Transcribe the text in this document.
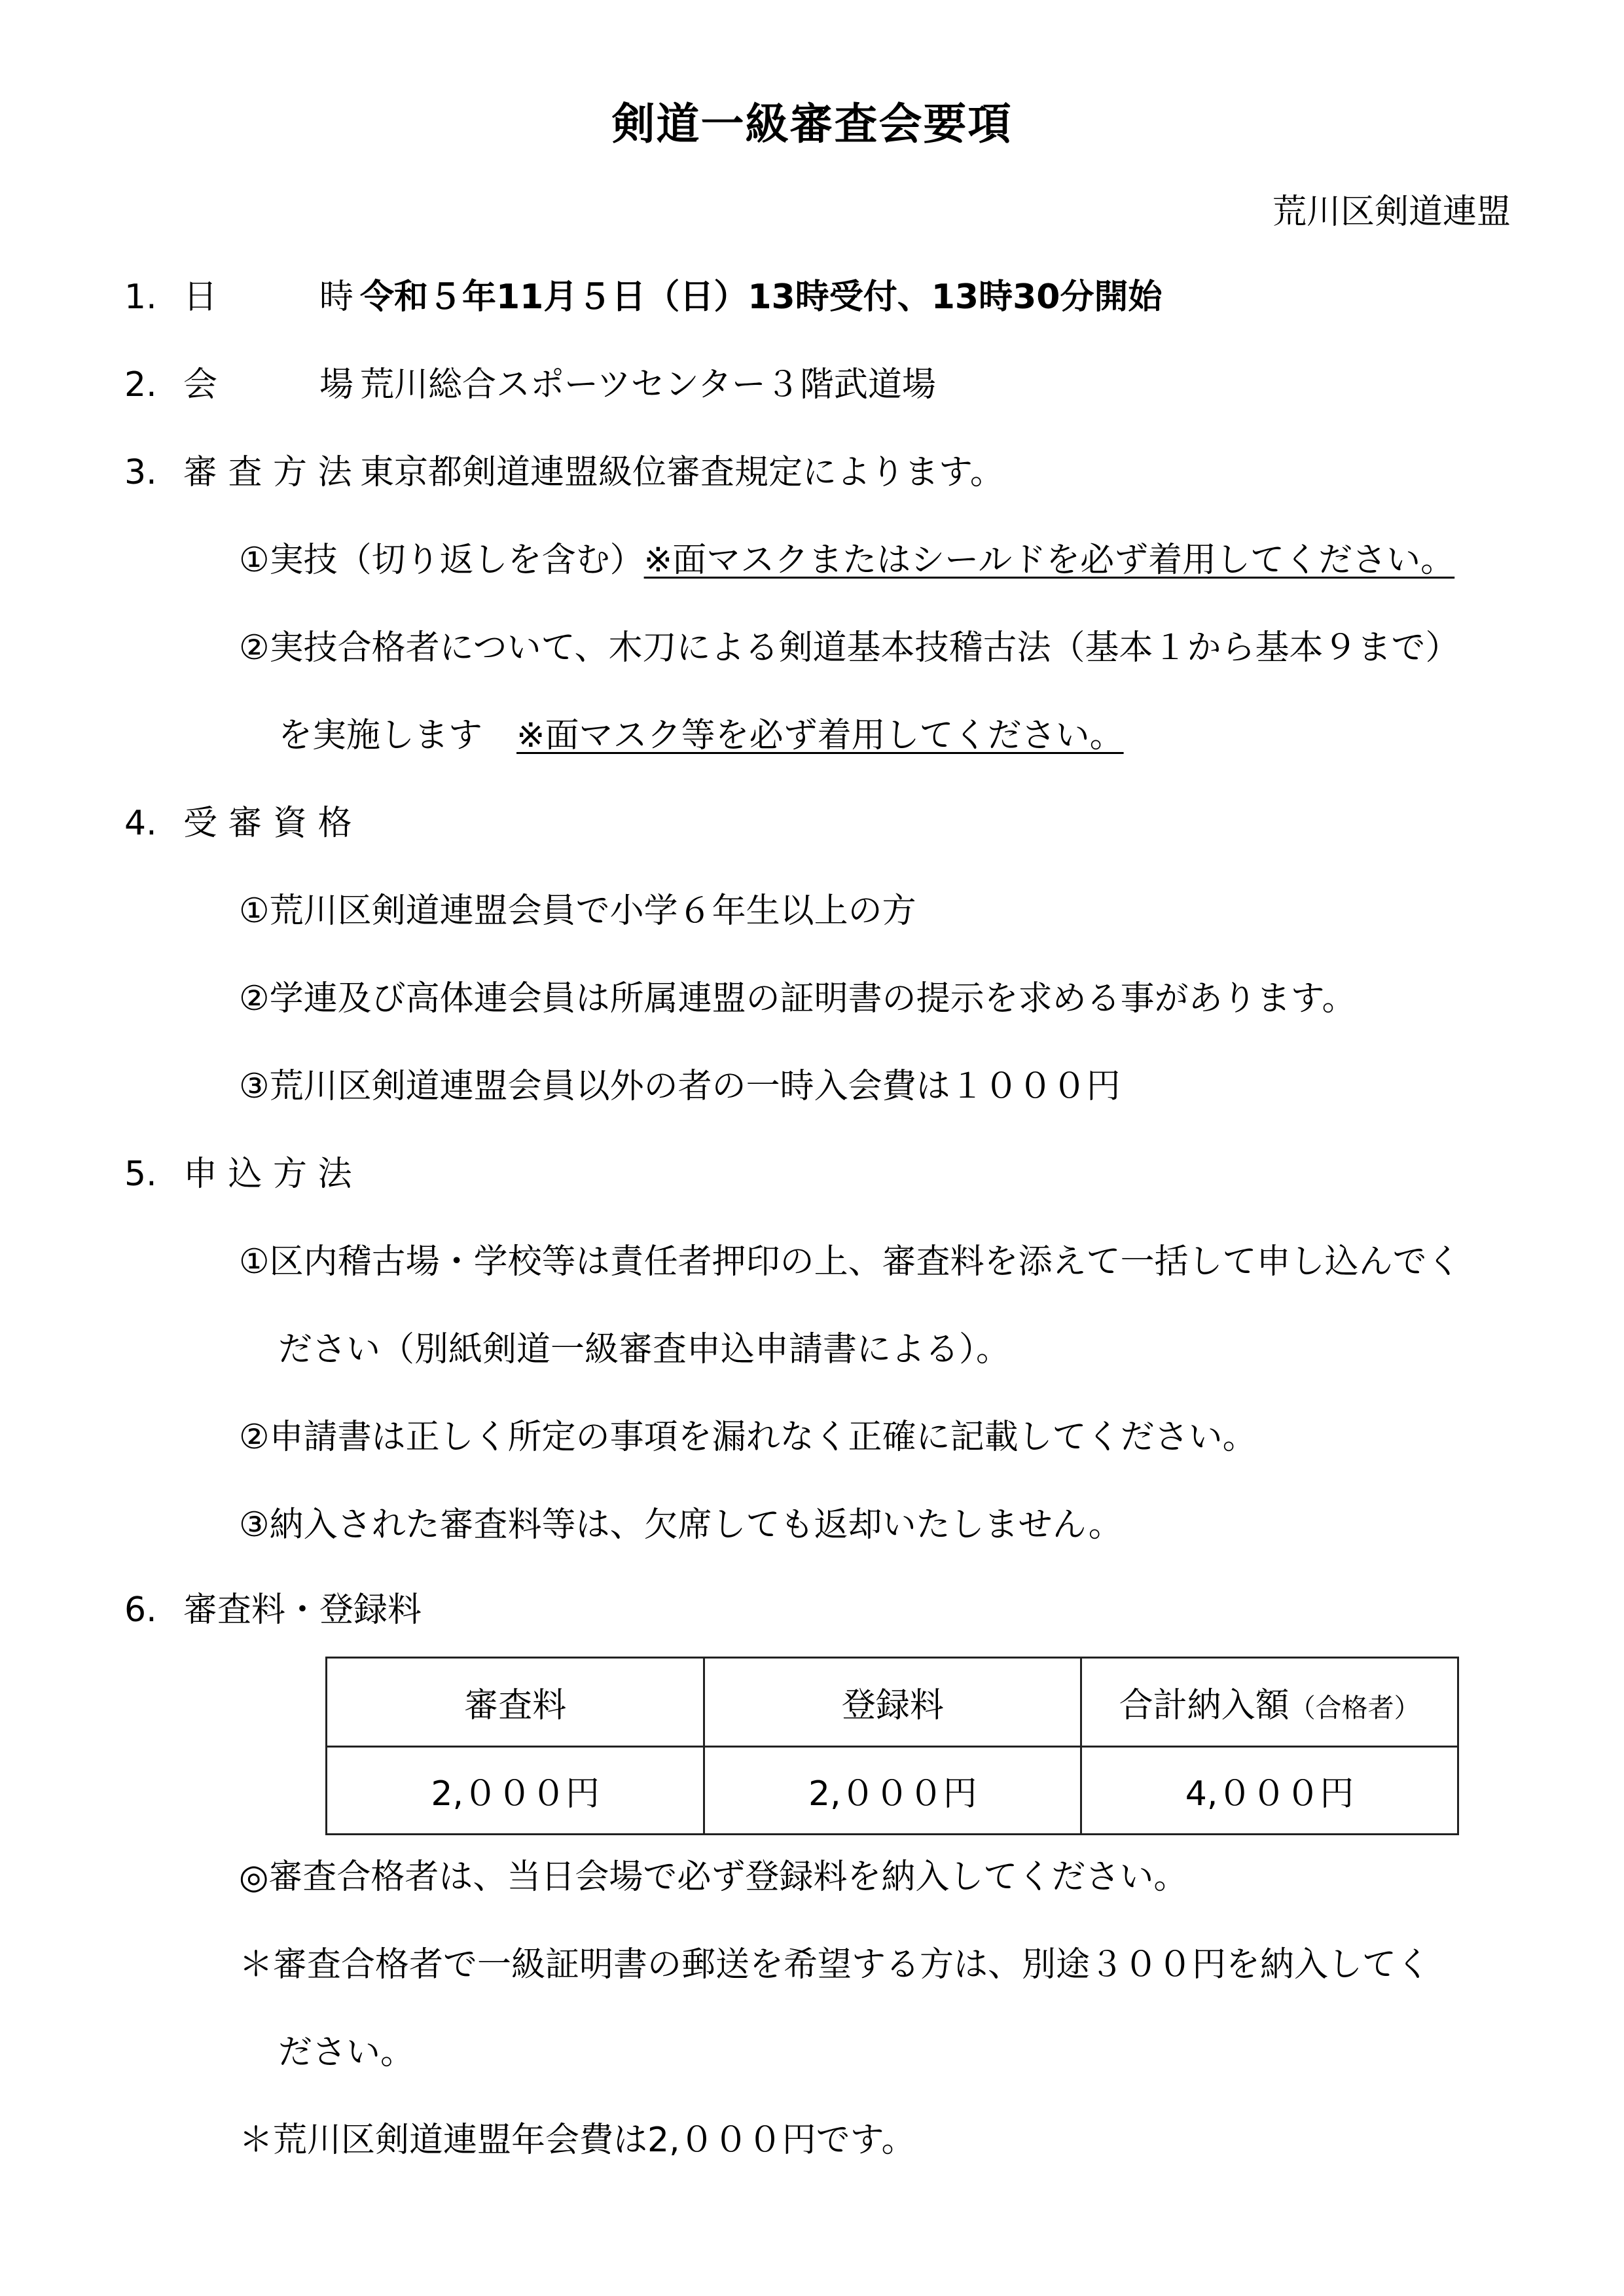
剣道一級審査会要項
荒川区剣道連盟
1. 日　　　時 令和５年11月５日（日）13時受付、13時30分開始
2. 会　　　場 荒川総合スポーツセンター３階武道場
3. 審 査 方 法 東京都剣道連盟級位審査規定によります。
①実技（切り返しを含む）※面マスクまたはシールドを必ず着用してください。
②実技合格者について、木刀による剣道基本技稽古法（基本１から基本９まで）
を実施します　 ※面マスク等を必ず着用してください。
4. 受 審 資 格
①荒川区剣道連盟会員で小学６年生以上の方
②学連及び高体連会員は所属連盟の証明書の提示を求める事があります。
③荒川区剣道連盟会員以外の者の一時入会費は１０００円
5. 申 込 方 法
①区内稽古場・学校等は責任者押印の上、審査料を添えて一括して申し込んでく
ださい（別紙剣道一級審査申込申請書による）。
②申請書は正しく所定の事項を漏れなく正確に記載してください。
③納入された審査料等は、欠席しても返却いたしません。
6. 審査料・登録料
審査料	登録料	合計納入額（合格者）
2,０００円	2,０００円	4,０００円
◎審査合格者は、当日会場で必ず登録料を納入してください。
＊審査合格者で一級証明書の郵送を希望する方は、別途３００円を納入してく
ださい。
＊荒川区剣道連盟年会費は2,０００円です。
